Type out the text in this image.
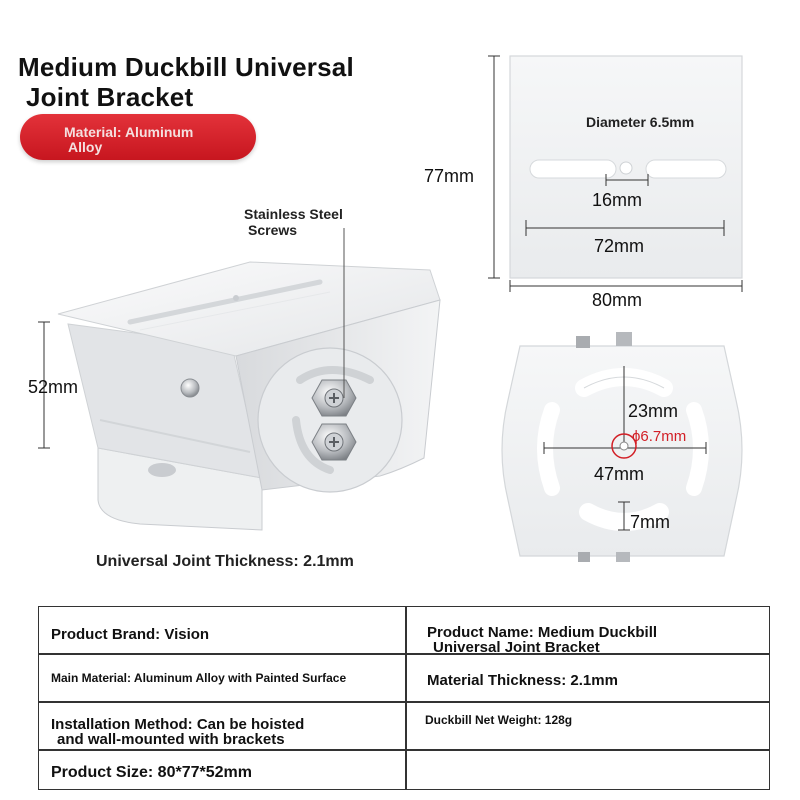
Medium Duckbill Universal
Joint Bracket
Material: Aluminum
Alloy
Stainless Steel
Screws
52mm
77mm
Diameter 6.5mm
16mm
72mm
80mm
23mm
ϕ6.7mm
47mm
7mm
Universal Joint Thickness: 2.1mm
Product Brand: Vision	Product Name: Medium Duckbill
Universal Joint Bracket
Main Material: Aluminum Alloy with Painted Surface	Material Thickness: 2.1mm
Installation Method: Can be hoisted
and wall-mounted with brackets
Duckbill Net Weight: 128g
Product Size: 80*77*52mm
